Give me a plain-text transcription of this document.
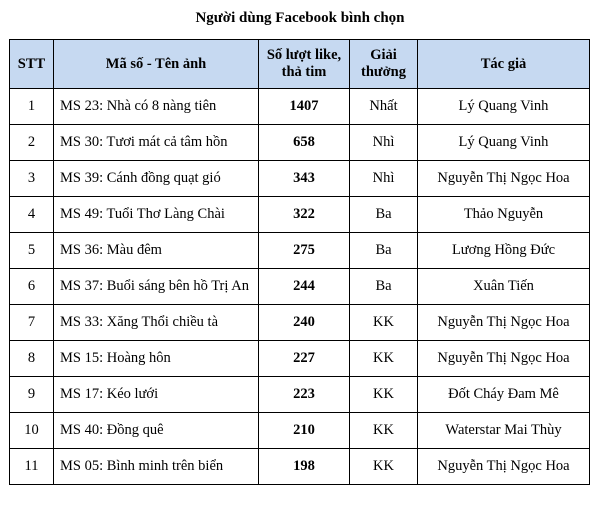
Người dùng Facebook bình chọn
STT	Mã số - Tên ảnh	Số lượt like, thả tim	Giải thưởng	Tác giả
1	MS 23: Nhà có 8 nàng tiên	1407	Nhất	Lý Quang Vinh
2	MS 30: Tươi mát cả tâm hồn	658	Nhì	Lý Quang Vinh
3	MS 39: Cánh đồng quạt gió	343	Nhì	Nguyễn Thị Ngọc Hoa
4	MS 49: Tuổi Thơ Làng Chài	322	Ba	Thảo Nguyễn
5	MS 36: Màu đêm	275	Ba	Lương Hồng Đức
6	MS 37: Buổi sáng bên hồ Trị An	244	Ba	Xuân Tiến
7	MS 33: Xăng Thổi chiều tà	240	KK	Nguyễn Thị Ngọc Hoa
8	MS 15: Hoàng hôn	227	KK	Nguyễn Thị Ngọc Hoa
9	MS 17: Kéo lưới	223	KK	Đốt Cháy Đam Mê
10	MS 40: Đồng quê	210	KK	Waterstar Mai Thùy
11	MS 05: Bình minh trên biển	198	KK	Nguyễn Thị Ngọc Hoa
